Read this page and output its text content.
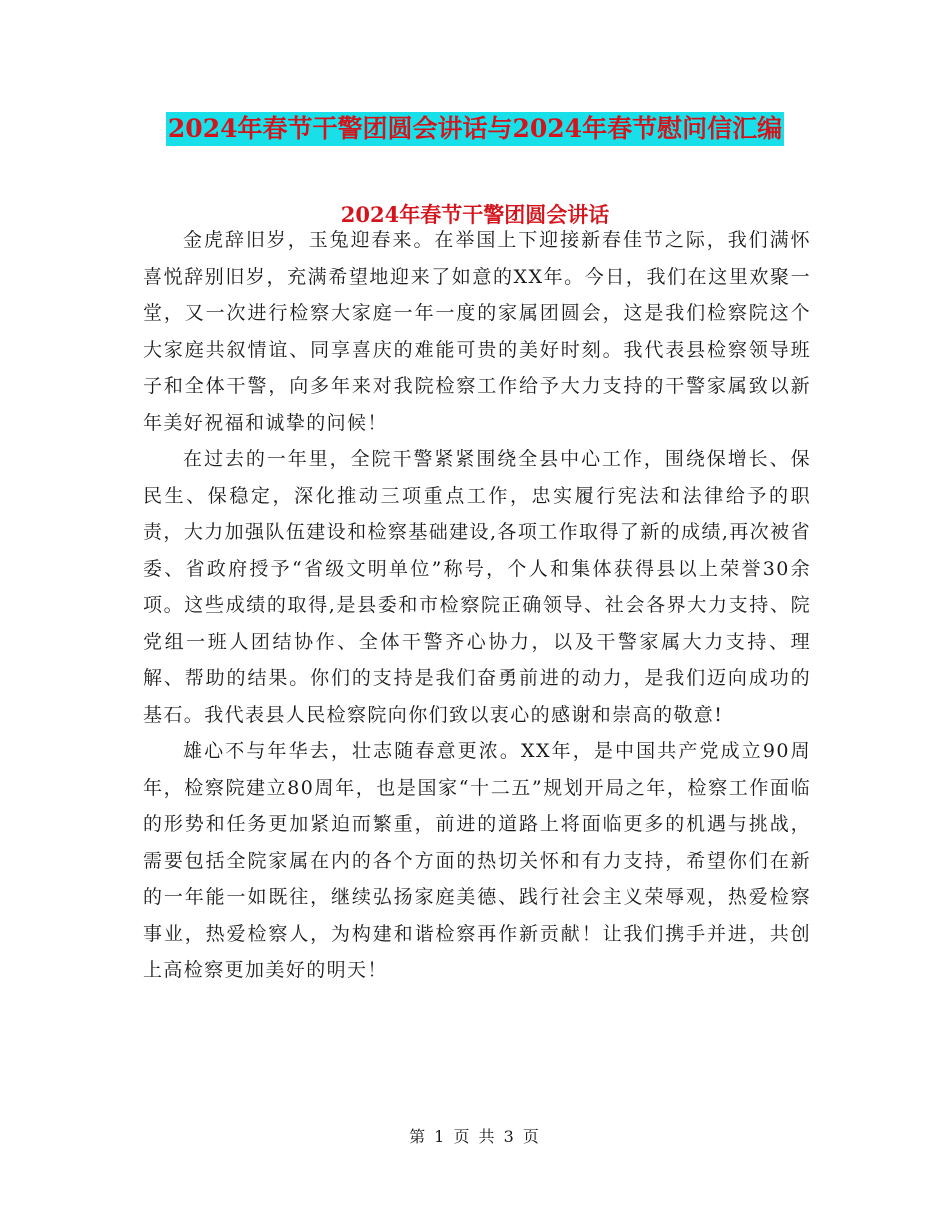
2024年春节干警团圆会讲话与2024年春节慰问信汇编
2024年春节干警团圆会讲话

金虎辞旧岁，玉兔迎春来。在举国上下迎接新春佳节之际，我们满怀喜悦辞别旧岁，充满希望地迎来了如意的XX年。今日，我们在这里欢聚一堂，又一次进行检察大家庭一年一度的家属团圆会，这是我们检察院这个大家庭共叙情谊、同享喜庆的难能可贵的美好时刻。我代表县检察领导班子和全体干警，向多年来对我院检察工作给予大力支持的干警家属致以新年美好祝福和诚挚的问候！

在过去的一年里，全院干警紧紧围绕全县中心工作，围绕保增长、保民生、保稳定，深化推动三项重点工作，忠实履行宪法和法律给予的职责，大力加强队伍建设和检察基础建设,各项工作取得了新的成绩,再次被省委、省政府授予“省级文明单位”称号，个人和集体获得县以上荣誉30余项。这些成绩的取得,是县委和市检察院正确领导、社会各界大力支持、院党组一班人团结协作、全体干警齐心协力，以及干警家属大力支持、理解、帮助的结果。你们的支持是我们奋勇前进的动力，是我们迈向成功的基石。我代表县人民检察院向你们致以衷心的感谢和崇高的敬意!

雄心不与年华去，壮志随春意更浓。XX年，是中国共产党成立90周年，检察院建立80周年，也是国家“十二五”规划开局之年，检察工作面临的形势和任务更加紧迫而繁重，前进的道路上将面临更多的机遇与挑战，需要包括全院家属在内的各个方面的热切关怀和有力支持，希望你们在新的一年能一如既往，继续弘扬家庭美德、践行社会主义荣辱观，热爱检察事业，热爱检察人，为构建和谐检察再作新贡献！让我们携手并进，共创上高检察更加美好的明天！

第 1 页 共 3 页
